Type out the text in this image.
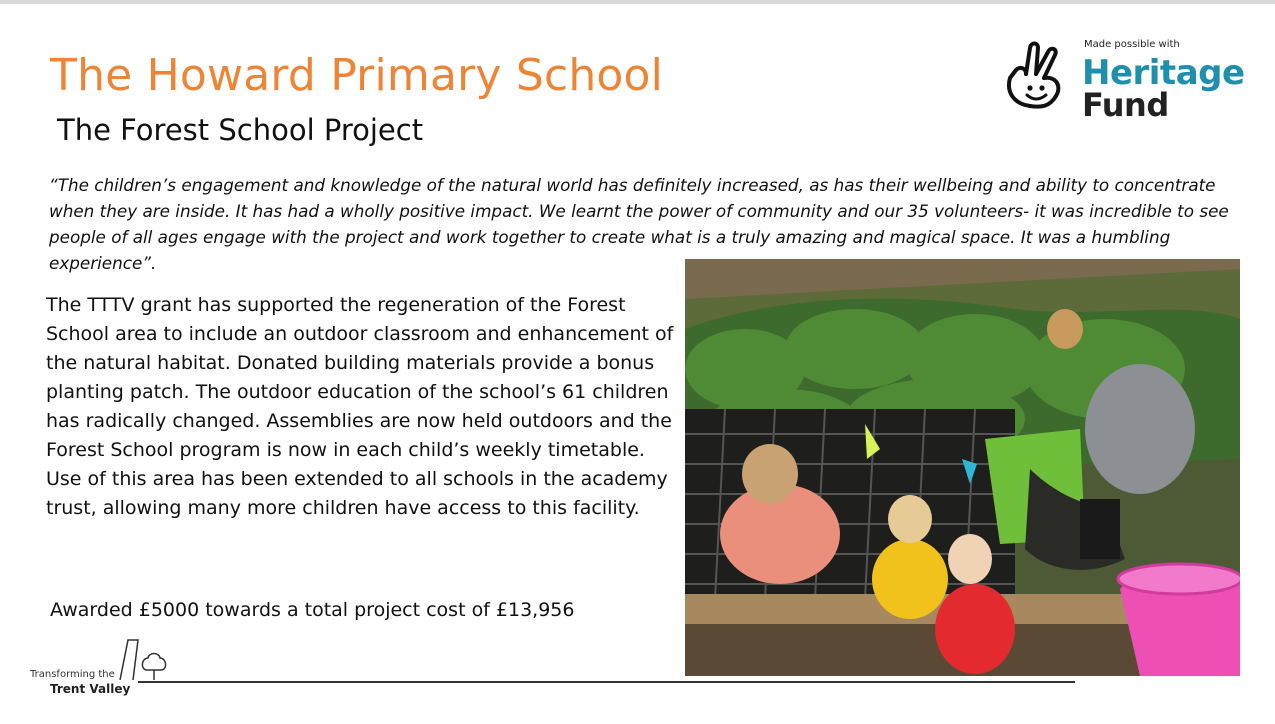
The Howard Primary School
The Forest School Project
Made possible with
Heritage
Fund

“The children’s engagement and knowledge of the natural world has definitely increased, as has their wellbeing and ability to concentrate when they are inside. It has had a wholly positive impact. We learnt the power of community and our 35 volunteers- it was incredible to see people of all ages engage with the project and work together to create what is a truly amazing and magical space. It was a humbling experience”.

The TTTV grant has supported the regeneration of the Forest School area to include an outdoor classroom and enhancement of the natural habitat. Donated building materials provide a bonus planting patch. The outdoor education of the school’s 61 children has radically changed. Assemblies are now held outdoors and the Forest School program is now in each child’s weekly timetable. Use of this area has been extended to all schools in the academy trust, allowing many more children have access to this facility.

Awarded £5000 towards a total project cost of £13,956

Transforming the
Trent Valley
